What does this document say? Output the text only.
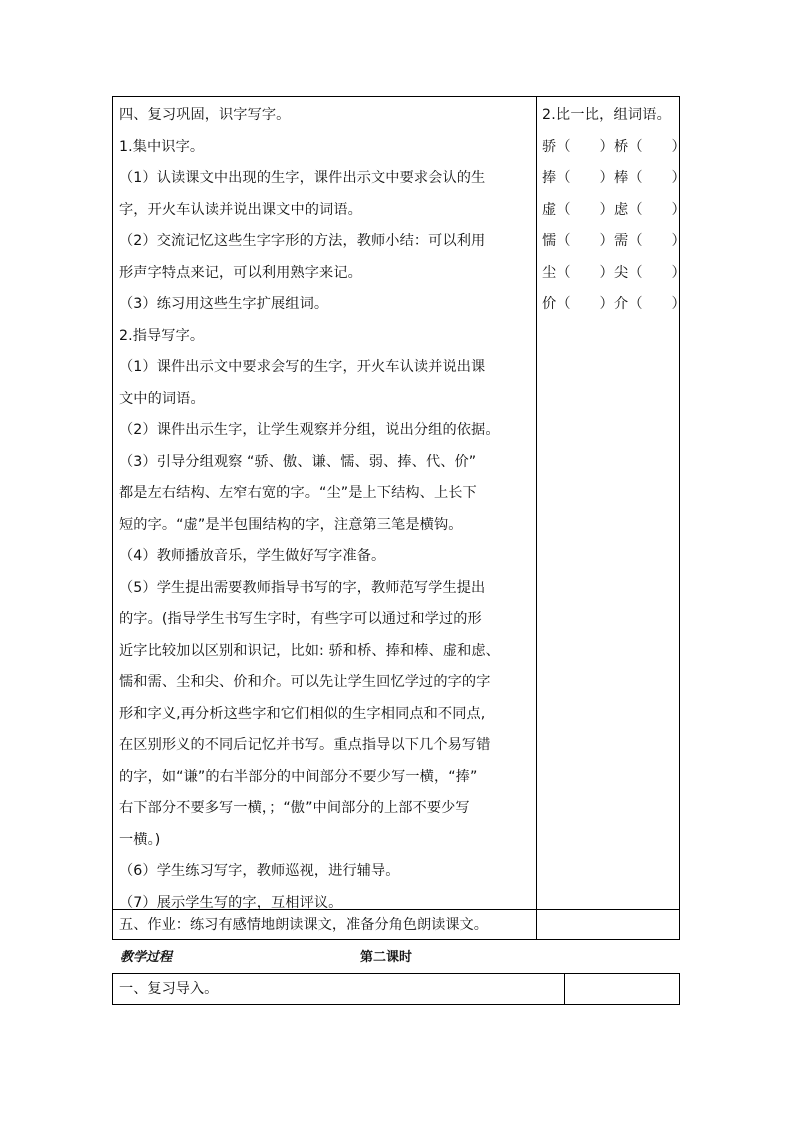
四、复习巩固，识字写字。
1.集中识字。
（1）认读课文中出现的生字，课件出示文中要求会认的生
字，开火车认读并说出课文中的词语。
（2）交流记忆这些生字字形的方法，教师小结：可以利用
形声字特点来记，可以利用熟字来记。
（3）练习用这些生字扩展组词。
2.指导写字。
（1）课件出示文中要求会写的生字，开火车认读并说出课
文中的词语。
（2）课件出示生字，让学生观察并分组，说出分组的依据。
（3）引导分组观察 “骄、傲、谦、懦、弱、捧、代、价”
都是左右结构、左窄右宽的字。“尘”是上下结构、上长下
短的字。“虚”是半包围结构的字，注意第三笔是横钩。
（4）教师播放音乐，学生做好写字准备。
（5）学生提出需要教师指导书写的字，教师范写学生提出
的字。(指导学生书写生字时，有些字可以通过和学过的形
近字比较加以区别和识记，比如: 骄和桥、捧和棒、虚和虑、
懦和需、尘和尖、价和介。可以先让学生回忆学过的字的字
形和字义,再分析这些字和它们相似的生字相同点和不同点,
在区别形义的不同后记忆并书写。重点指导以下几个易写错
的字，如“谦”的右半部分的中间部分不要少写一横，“捧”
右下部分不要多写一横，；“傲”中间部分的上部不要少写
一横。)
（6）学生练习写字，教师巡视，进行辅导。
（7）展示学生写的字，互相评议。
2.比一比，组词语。
骄（　　）桥（　　）
捧（　　）棒（　　）
虚（　　）虑（　　）
懦（　　）需（　　）
尘（　　）尖（　　）
价（　　）介（　　）
五、作业：练习有感情地朗读课文，准备分角色朗读课文。
教学过程	第二课时
一、复习导入。
